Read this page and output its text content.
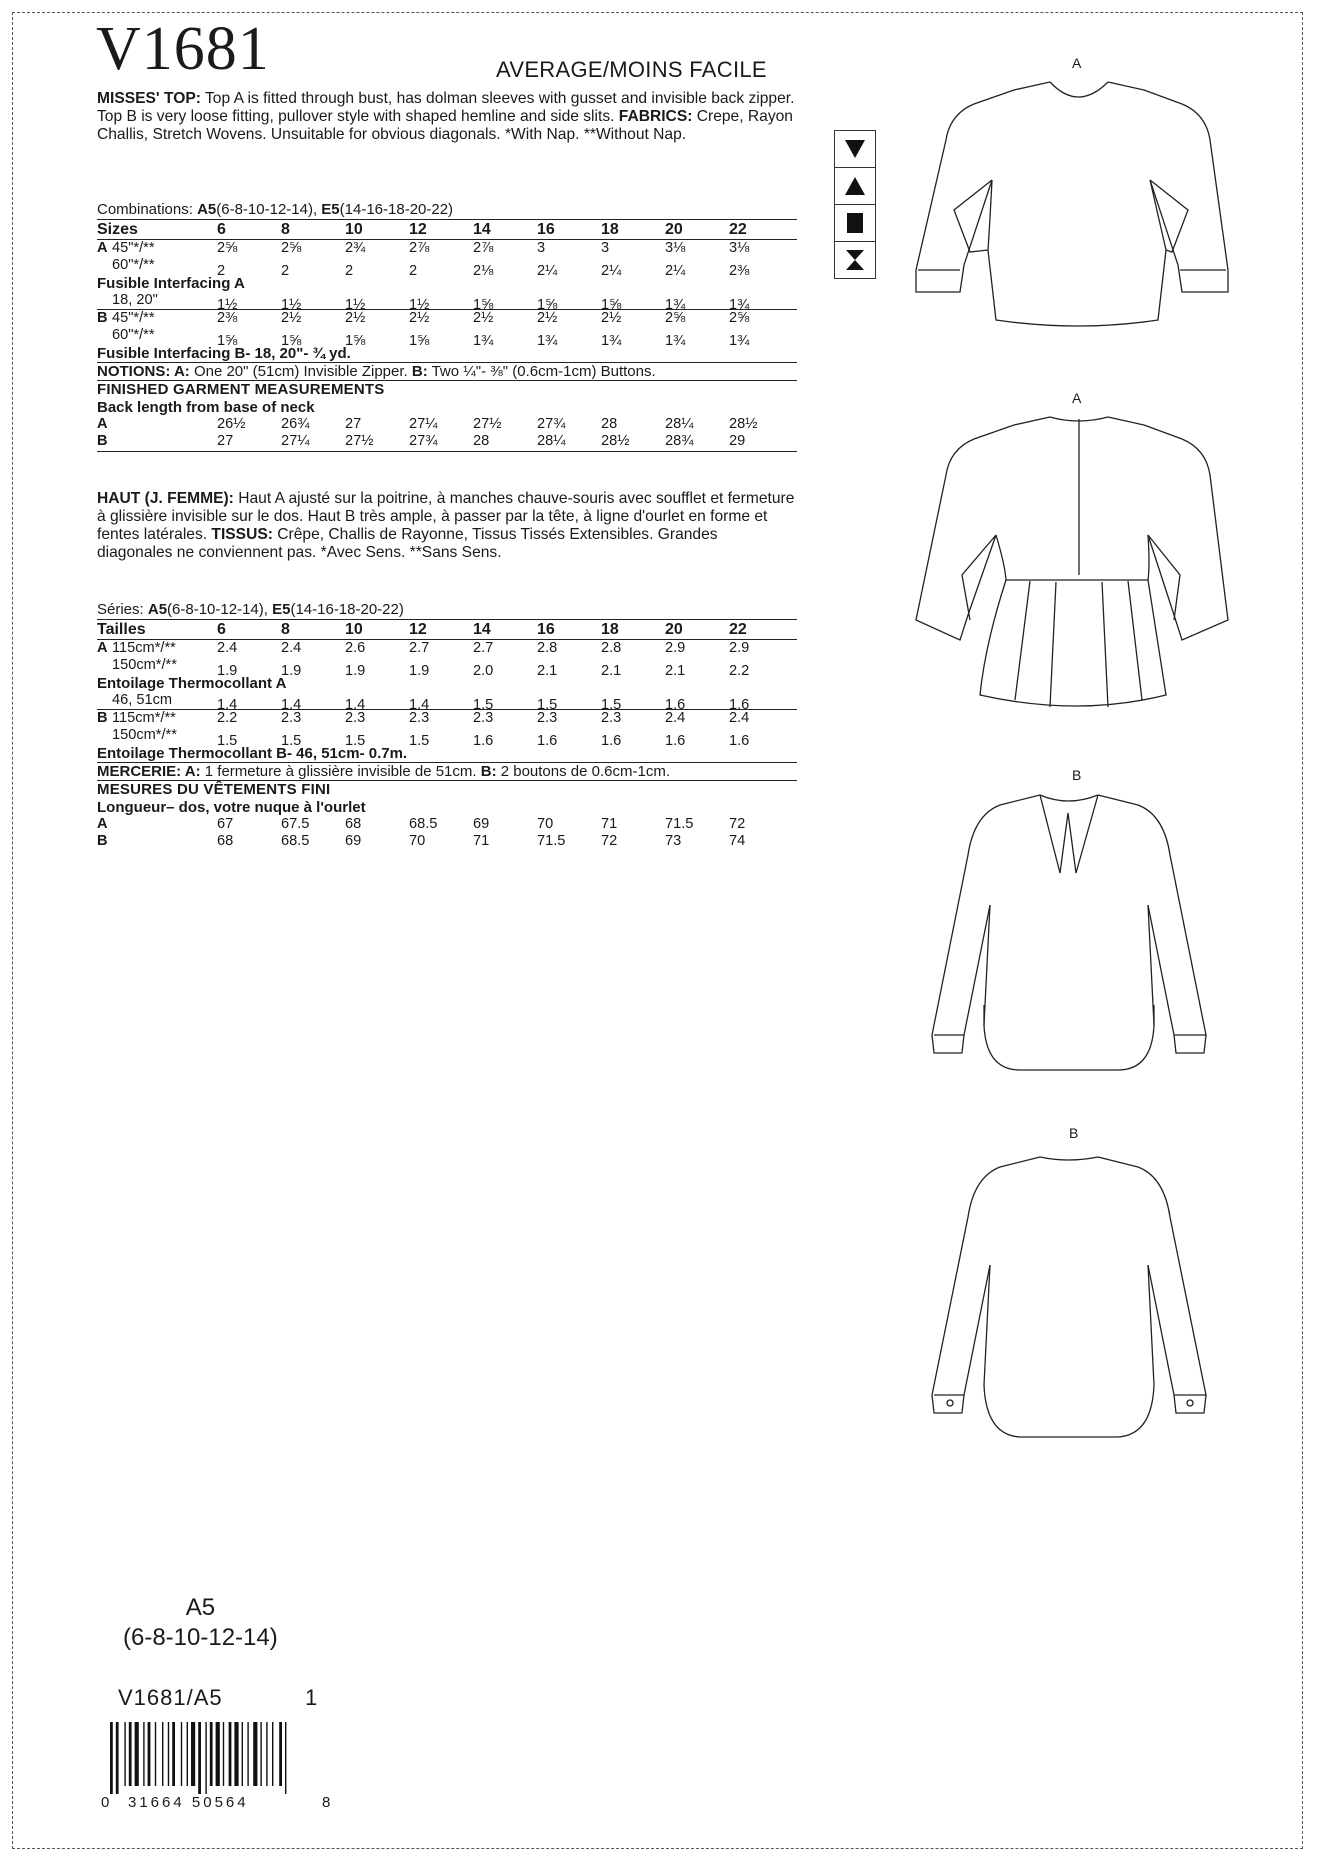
V1681	AVERAGE/MOINS FACILE
MISSES' TOP: Top A is fitted through bust, has dolman sleeves with gusset and invisible back zipper. Top B is very loose fitting, pullover style with shaped hemline and side slits. FABRICS: Crepe, Rayon Challis, Stretch Wovens. Unsuitable for obvious diagonals. *With Nap. **Without Nap.
Combinations: A5(6-8-10-12-14), E5(14-16-18-20-22)
Sizes	6	8	10	12	14	16	18	20	22
A 45"*/**	2⅝	2⅝	2¾	2⅞	2⅞	3	3	3⅛	3⅛
60"*/**	2	2	2	2	2⅛	2¼	2¼	2¼	2⅜
Fusible Interfacing A
18, 20"	1½	1½	1½	1½	1⅝	1⅝	1⅝	1¾	1¾
B 45"*/**	2⅜	2½	2½	2½	2½	2½	2½	2⅝	2⅝
60"*/**	1⅝	1⅝	1⅝	1⅝	1¾	1¾	1¾	1¾	1¾
Fusible Interfacing B- 18, 20"- ¾ yd.
NOTIONS: A: One 20" (51cm) Invisible Zipper. B: Two ¼"- ⅜" (0.6cm-1cm) Buttons.
FINISHED GARMENT MEASUREMENTS
Back length from base of neck
A	26½	26¾	27	27¼	27½	27¾	28	28¼	28½
B	27	27¼	27½	27¾	28	28¼	28½	28¾	29
HAUT (J. FEMME): Haut A ajusté sur la poitrine, à manches chauve-souris avec soufflet et fermeture à glissière invisible sur le dos. Haut B très ample, à passer par la tête, à ligne d'ourlet en forme et fentes latérales. TISSUS: Crêpe, Challis de Rayonne, Tissus Tissés Extensibles. Grandes diagonales ne conviennent pas. *Avec Sens. **Sans Sens.
Séries: A5(6-8-10-12-14), E5(14-16-18-20-22)
Tailles	6	8	10	12	14	16	18	20	22
A 115cm*/**	2.4	2.4	2.6	2.7	2.7	2.8	2.8	2.9	2.9
150cm*/**	1.9	1.9	1.9	1.9	2.0	2.1	2.1	2.1	2.2
Entoilage Thermocollant A
46, 51cm	1.4	1.4	1.4	1.4	1.5	1.5	1.5	1.6	1.6
B 115cm*/**	2.2	2.3	2.3	2.3	2.3	2.3	2.3	2.4	2.4
150cm*/**	1.5	1.5	1.5	1.5	1.6	1.6	1.6	1.6	1.6
Entoilage Thermocollant B- 46, 51cm- 0.7m.
MERCERIE: A: 1 fermeture à glissière invisible de 51cm. B: 2 boutons de 0.6cm-1cm.
MESURES DU VÊTEMENTS FINI
Longueur– dos, votre nuque à l'ourlet
A	67	67.5	68	68.5	69	70	71	71.5	72
B	68	68.5	69	70	71	71.5	72	73	74
A
A
B
B
A5
(6-8-10-12-14)
V1681/A5	1
0 31664 50564	8
